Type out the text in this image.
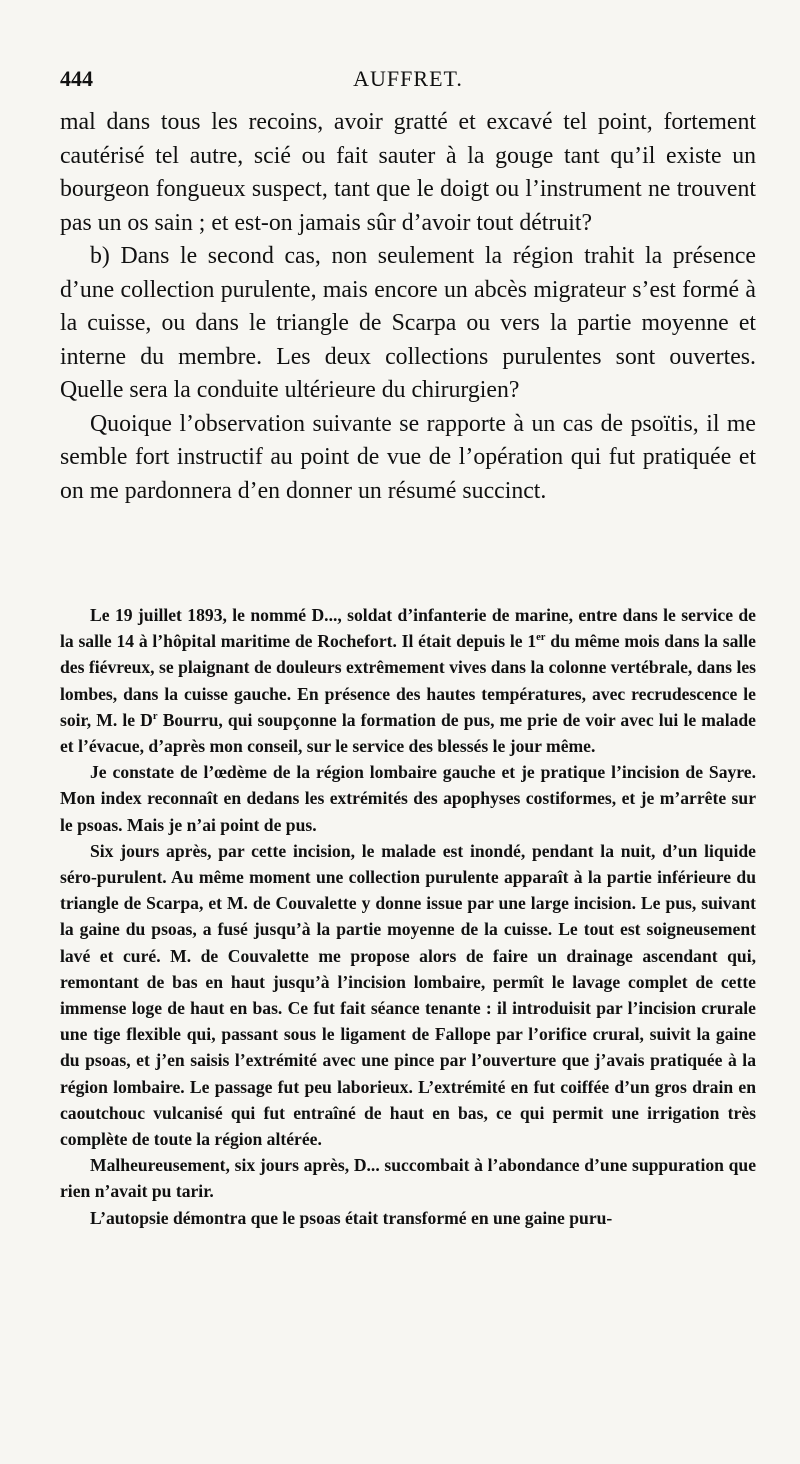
444	AUFFRET.

mal dans tous les recoins, avoir gratté et excavé tel point, fortement cautérisé tel autre, scié ou fait sauter à la gouge tant qu’il existe un bourgeon fongueux suspect, tant que le doigt ou l’instrument ne trouvent pas un os sain ; et est-on jamais sûr d’avoir tout détruit?

b) Dans le second cas, non seulement la région trahit la présence d’une collection purulente, mais encore un abcès migrateur s’est formé à la cuisse, ou dans le triangle de Scarpa ou vers la partie moyenne et interne du membre. Les deux collections purulentes sont ouvertes. Quelle sera la conduite ultérieure du chirurgien?

Quoique l’observation suivante se rapporte à un cas de psoïtis, il me semble fort instructif au point de vue de l’opération qui fut pratiquée et on me pardonnera d’en donner un résumé succinct.

Le 19 juillet 1893, le nommé D..., soldat d’infanterie de marine, entre dans le service de la salle 14 à l’hôpital maritime de Rochefort. Il était depuis le 1er du même mois dans la salle des fiévreux, se plaignant de douleurs extrêmement vives dans la colonne vertébrale, dans les lombes, dans la cuisse gauche. En présence des hautes températures, avec recrudescence le soir, M. le $D^r$ Bourru, qui soupçonne la formation de pus, me prie de voir avec lui le malade et l’évacue, d’après mon conseil, sur le service des blessés le jour même.

Je constate de l’œdème de la région lombaire gauche et je pratique l’incision de Sayre. Mon index reconnaît en dedans les extrémités des apophyses costiformes, et je m’arrête sur le psoas. Mais je n’ai point de pus.

Six jours après, par cette incision, le malade est inondé, pendant la nuit, d’un liquide séro-purulent. Au même moment une collection purulente apparaît à la partie inférieure du triangle de Scarpa, et M. de Couvalette y donne issue par une large incision. Le pus, suivant la gaine du psoas, a fusé jusqu’à la partie moyenne de la cuisse. Le tout est soigneusement lavé et curé. M. de Couvalette me propose alors de faire un drainage ascendant qui, remontant de bas en haut jusqu’à l’incision lombaire, permît le lavage complet de cette immense loge de haut en bas. Ce fut fait séance tenante : il introduisit par l’incision crurale une tige flexible qui, passant sous le ligament de Fallope par l’orifice crural, suivit la gaine du psoas, et j’en saisis l’extrémité avec une pince par l’ouverture que j’avais pratiquée à la région lombaire. Le passage fut peu laborieux. L’extrémité en fut coiffée d’un gros drain en caoutchouc vulcanisé qui fut entraîné de haut en bas, ce qui permit une irrigation très complète de toute la région altérée.

Malheureusement, six jours après, D... succombait à l’abondance d’une suppuration que rien n’avait pu tarir.

L’autopsie démontra que le psoas était transformé en une gaine puru-
